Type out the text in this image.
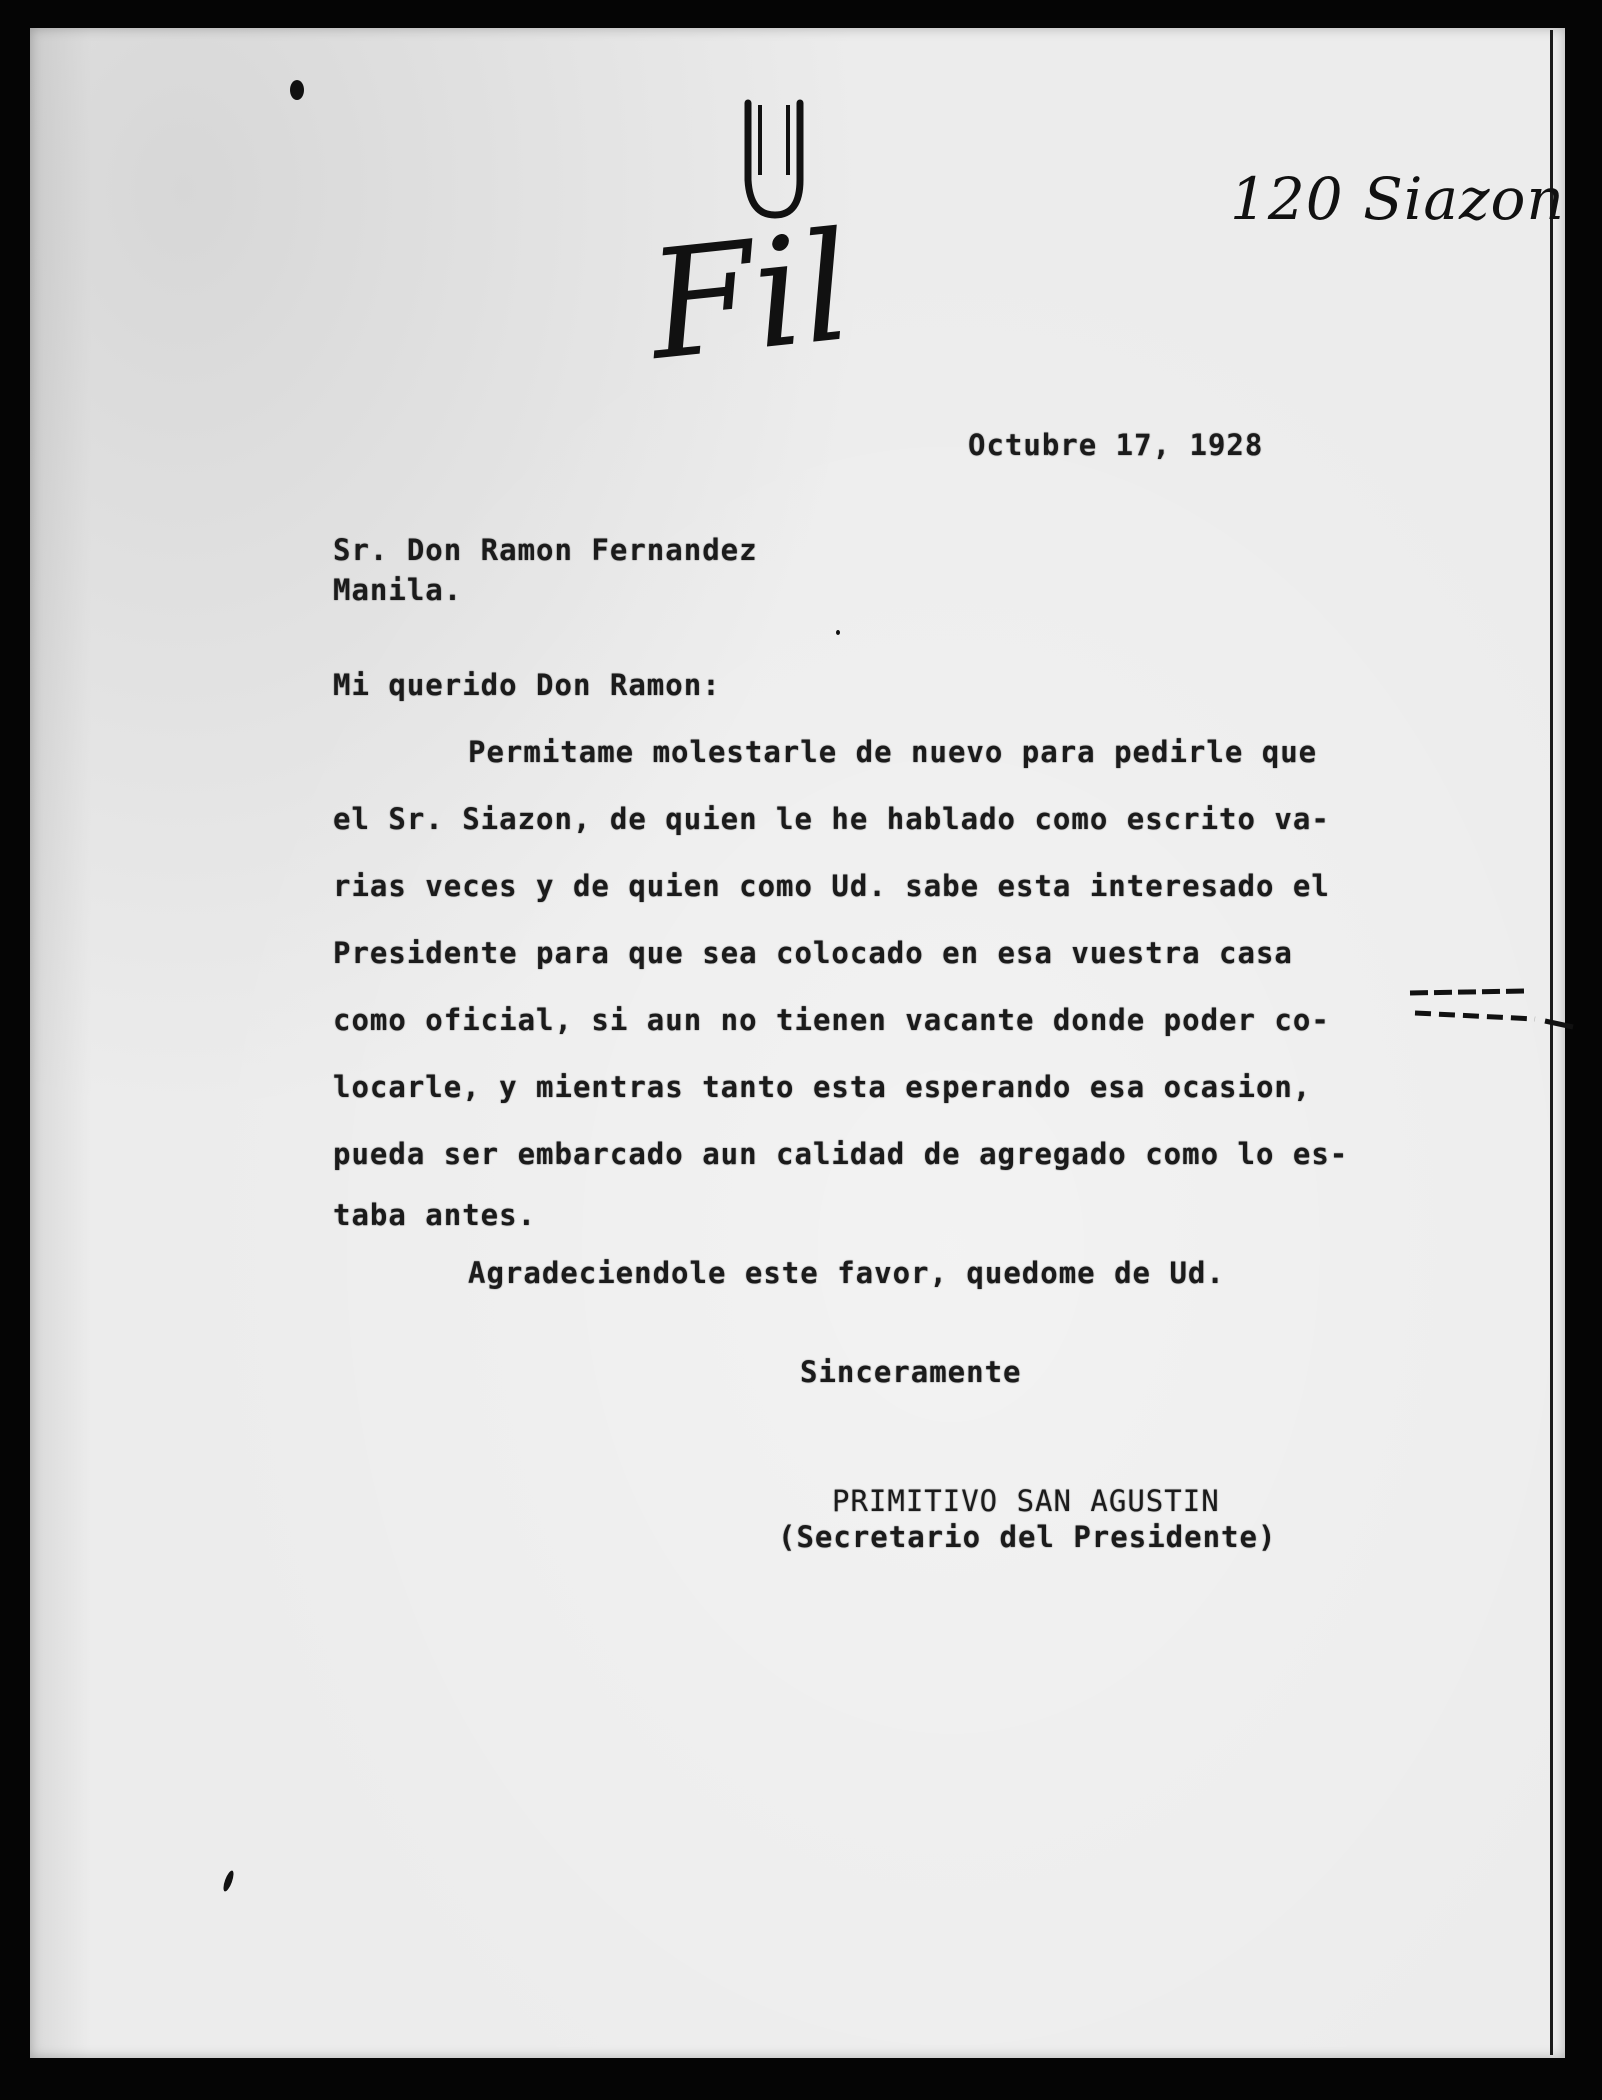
Fil
120 Siazon
Octubre 17, 1928
Sr. Don Ramon Fernandez
Manila.
Mi querido Don Ramon:
Permitame molestarle de nuevo para pedirle que
el Sr. Siazon, de quien le he hablado como escrito va-
rias veces y de quien como Ud. sabe esta interesado el
Presidente para que sea colocado en esa vuestra casa
como oficial, si aun no tienen vacante donde poder co-
locarle, y mientras tanto esta esperando esa ocasion,
pueda ser embarcado aun calidad de agregado como lo es-
taba antes.
Agradeciendole este favor, quedome de Ud.
Sinceramente
PRIMITIVO SAN AGUSTIN
(Secretario del Presidente)
